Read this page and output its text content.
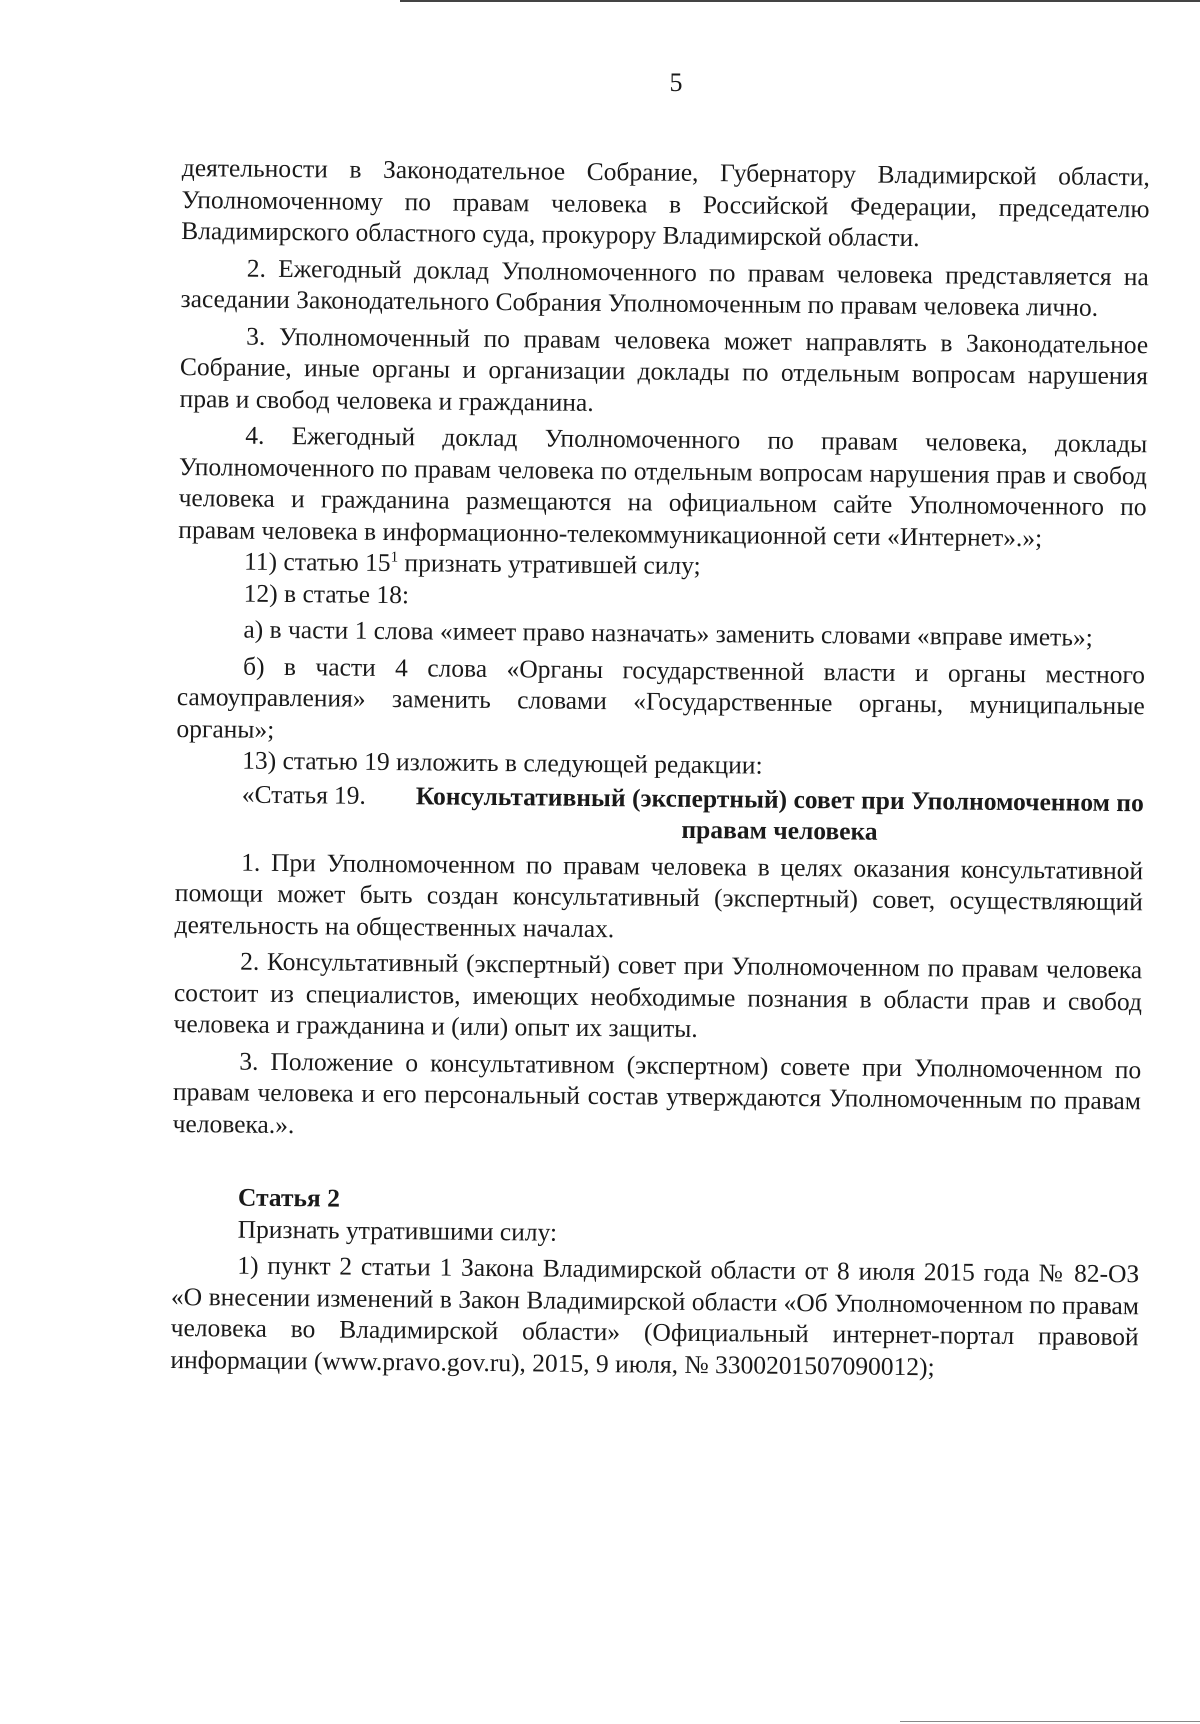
5

деятельности в Законодательное Собрание, Губернатору Владимирской области, Уполномоченному по правам человека в Российской Федерации, председателю Владимирского областного суда, прокурору Владимирской области.

2. Ежегодный доклад Уполномоченного по правам человека представляется на заседании Законодательного Собрания Уполномоченным по правам человека лично.

3. Уполномоченный по правам человека может направлять в Законодательное Собрание, иные органы и организации доклады по отдельным вопросам нарушения прав и свобод человека и гражданина.

4. Ежегодный доклад Уполномоченного по правам человека, доклады Уполномоченного по правам человека по отдельным вопросам нарушения прав и свобод человека и гражданина размещаются на официальном сайте Уполномоченного по правам человека в информационно-телекоммуникационной сети «Интернет».»;

11) статью $15^1$ признать утратившей силу;

12) в статье 18:

а) в части 1 слова «имеет право назначать» заменить словами «вправе иметь»;

б) в части 4 слова «Органы государственной власти и органы местного самоуправления» заменить словами «Государственные органы, муниципальные органы»;

13) статью 19 изложить в следующей редакции:

«Статья 19. Консультативный (экспертный) совет при Уполномоченном по правам человека

1. При Уполномоченном по правам человека в целях оказания консультативной помощи может быть создан консультативный (экспертный) совет, осуществляющий деятельность на общественных началах.

2. Консультативный (экспертный) совет при Уполномоченном по правам человека состоит из специалистов, имеющих необходимые познания в области прав и свобод человека и гражданина и (или) опыт их защиты.

3. Положение о консультативном (экспертном) совете при Уполномоченном по правам человека и его персональный состав утверждаются Уполномоченным по правам человека.».

Статья 2

Признать утратившими силу:

1) пункт 2 статьи 1 Закона Владимирской области от 8 июля 2015 года № 82-ОЗ «О внесении изменений в Закон Владимирской области «Об Уполномоченном по правам человека во Владимирской области» (Официальный интернет-портал правовой информации (www.pravo.gov.ru), 2015, 9 июля, № 3300201507090012);
